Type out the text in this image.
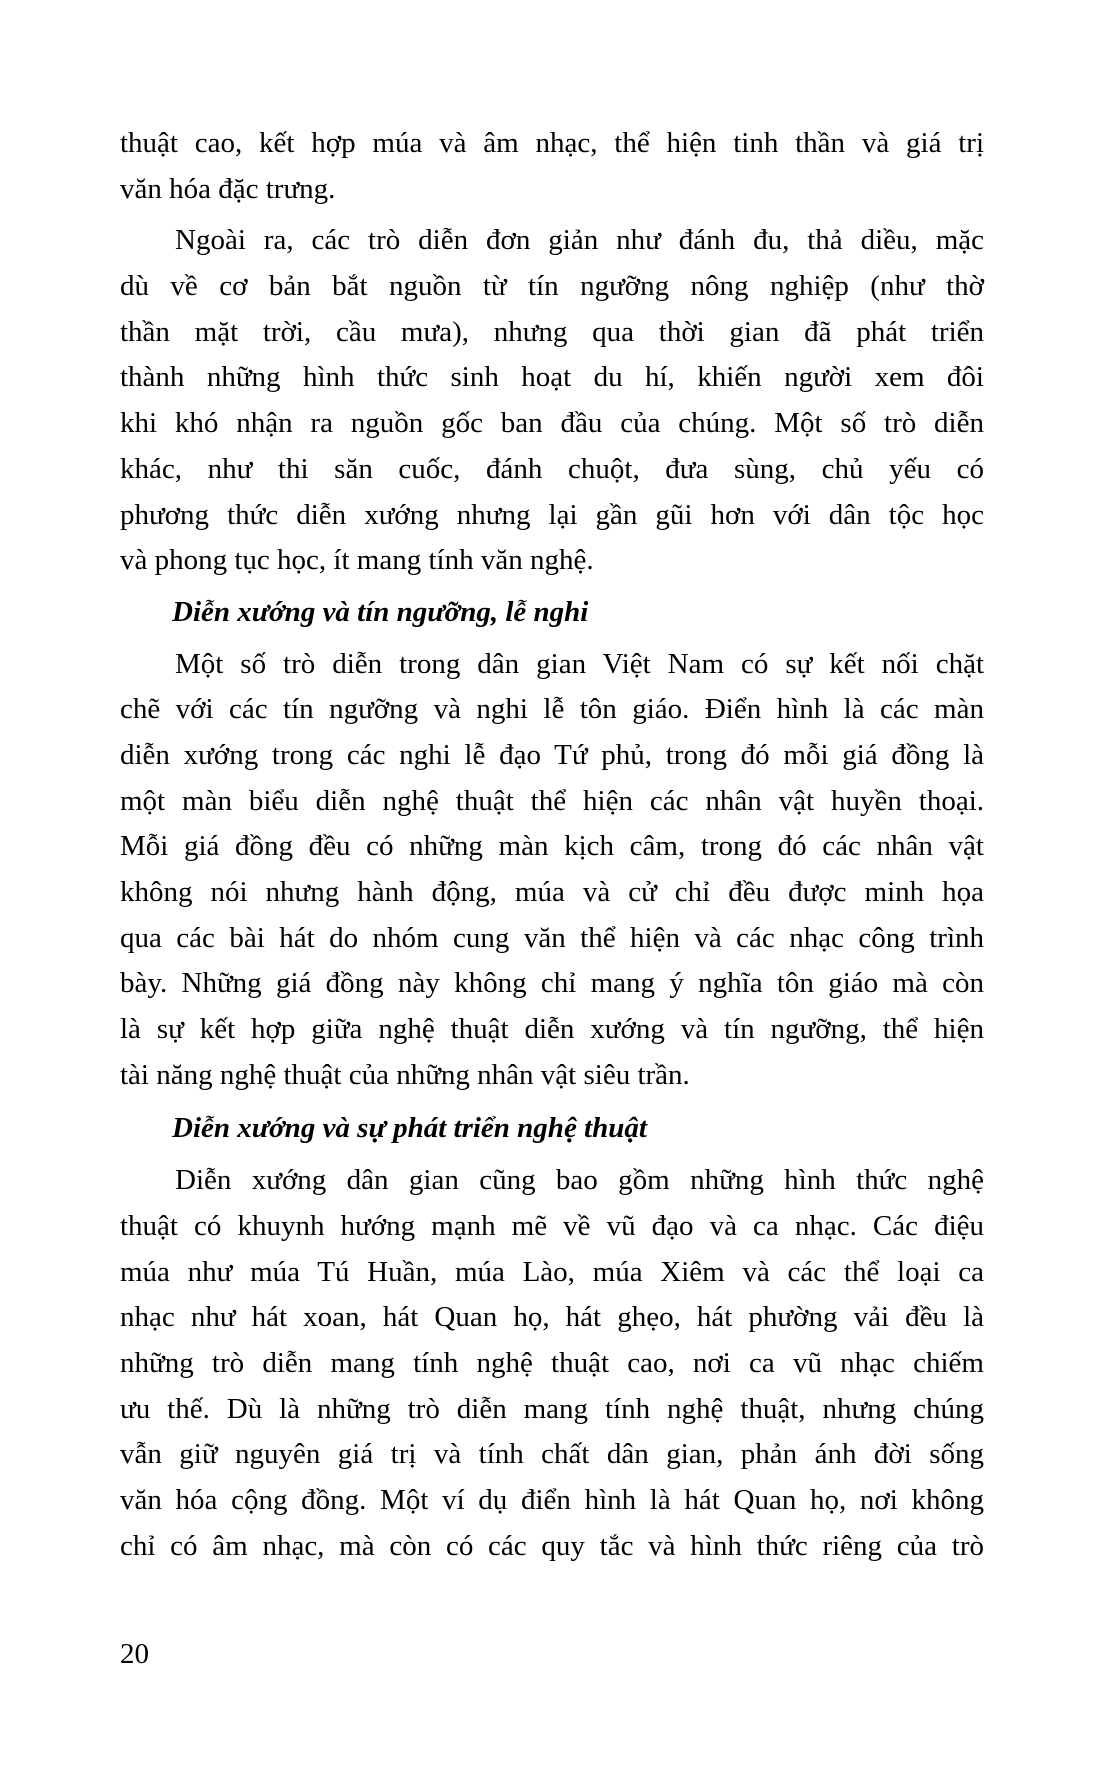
thuật cao, kết hợp múa và âm nhạc, thể hiện tinh thần và giá trị
văn hóa đặc trưng.
Ngoài ra, các trò diễn đơn giản như đánh đu, thả diều, mặc
dù về cơ bản bắt nguồn từ tín ngưỡng nông nghiệp (như thờ
thần mặt trời, cầu mưa), nhưng qua thời gian đã phát triển
thành những hình thức sinh hoạt du hí, khiến người xem đôi
khi khó nhận ra nguồn gốc ban đầu của chúng. Một số trò diễn
khác, như thi săn cuốc, đánh chuột, đưa sùng, chủ yếu có
phương thức diễn xướng nhưng lại gần gũi hơn với dân tộc học
và phong tục học, ít mang tính văn nghệ.
Diễn xướng và tín ngưỡng, lễ nghi
Một số trò diễn trong dân gian Việt Nam có sự kết nối chặt
chẽ với các tín ngưỡng và nghi lễ tôn giáo. Điển hình là các màn
diễn xướng trong các nghi lễ đạo Tứ phủ, trong đó mỗi giá đồng là
một màn biểu diễn nghệ thuật thể hiện các nhân vật huyền thoại.
Mỗi giá đồng đều có những màn kịch câm, trong đó các nhân vật
không nói nhưng hành động, múa và cử chỉ đều được minh họa
qua các bài hát do nhóm cung văn thể hiện và các nhạc công trình
bày. Những giá đồng này không chỉ mang ý nghĩa tôn giáo mà còn
là sự kết hợp giữa nghệ thuật diễn xướng và tín ngưỡng, thể hiện
tài năng nghệ thuật của những nhân vật siêu trần.
Diễn xướng và sự phát triển nghệ thuật
Diễn xướng dân gian cũng bao gồm những hình thức nghệ
thuật có khuynh hướng mạnh mẽ về vũ đạo và ca nhạc. Các điệu
múa như múa Tú Huần, múa Lào, múa Xiêm và các thể loại ca
nhạc như hát xoan, hát Quan họ, hát ghẹo, hát phường vải đều là
những trò diễn mang tính nghệ thuật cao, nơi ca vũ nhạc chiếm
ưu thế. Dù là những trò diễn mang tính nghệ thuật, nhưng chúng
vẫn giữ nguyên giá trị và tính chất dân gian, phản ánh đời sống
văn hóa cộng đồng. Một ví dụ điển hình là hát Quan họ, nơi không
chỉ có âm nhạc, mà còn có các quy tắc và hình thức riêng của trò
20
